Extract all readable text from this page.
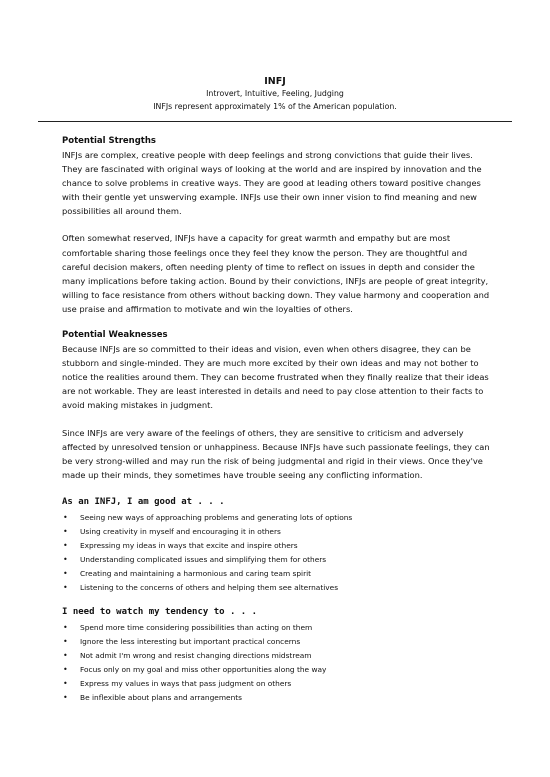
INFJ
Introvert, Intuitive, Feeling, Judging
INFJs represent approximately 1% of the American population.
Potential Strengths

INFJs are complex, creative people with deep feelings and strong convictions that guide their lives. They are fascinated with original ways of looking at the world and are inspired by innovation and the chance to solve problems in creative ways. They are good at leading others toward positive changes with their gentle yet unswerving example. INFJs use their own inner vision to find meaning and new possibilities all around them.

Often somewhat reserved, INFJs have a capacity for great warmth and empathy but are most comfortable sharing those feelings once they feel they know the person. They are thoughtful and careful decision makers, often needing plenty of time to reflect on issues in depth and consider the many implications before taking action. Bound by their convictions, INFJs are people of great integrity, willing to face resistance from others without backing down. They value harmony and cooperation and use praise and affirmation to motivate and win the loyalties of others.

Potential Weaknesses

Because INFJs are so committed to their ideas and vision, even when others disagree, they can be stubborn and single-minded. They are much more excited by their own ideas and may not bother to notice the realities around them. They can become frustrated when they finally realize that their ideas are not workable. They are least interested in details and need to pay close attention to their facts to avoid making mistakes in judgment.

Since INFJs are very aware of the feelings of others, they are sensitive to criticism and adversely affected by unresolved tension or unhappiness. Because INFJs have such passionate feelings, they can be very strong-willed and may run the risk of being judgmental and rigid in their views. Once they've made up their minds, they sometimes have trouble seeing any conflicting information.

As an INFJ, I am good at . . .
• Seeing new ways of approaching problems and generating lots of options
• Using creativity in myself and encouraging it in others
• Expressing my ideas in ways that excite and inspire others
• Understanding complicated issues and simplifying them for others
• Creating and maintaining a harmonious and caring team spirit
• Listening to the concerns of others and helping them see alternatives
I need to watch my tendency to . . .
• Spend more time considering possibilities than acting on them
• Ignore the less interesting but important practical concerns
• Not admit I'm wrong and resist changing directions midstream
• Focus only on my goal and miss other opportunities along the way
• Express my values in ways that pass judgment on others
• Be inflexible about plans and arrangements
